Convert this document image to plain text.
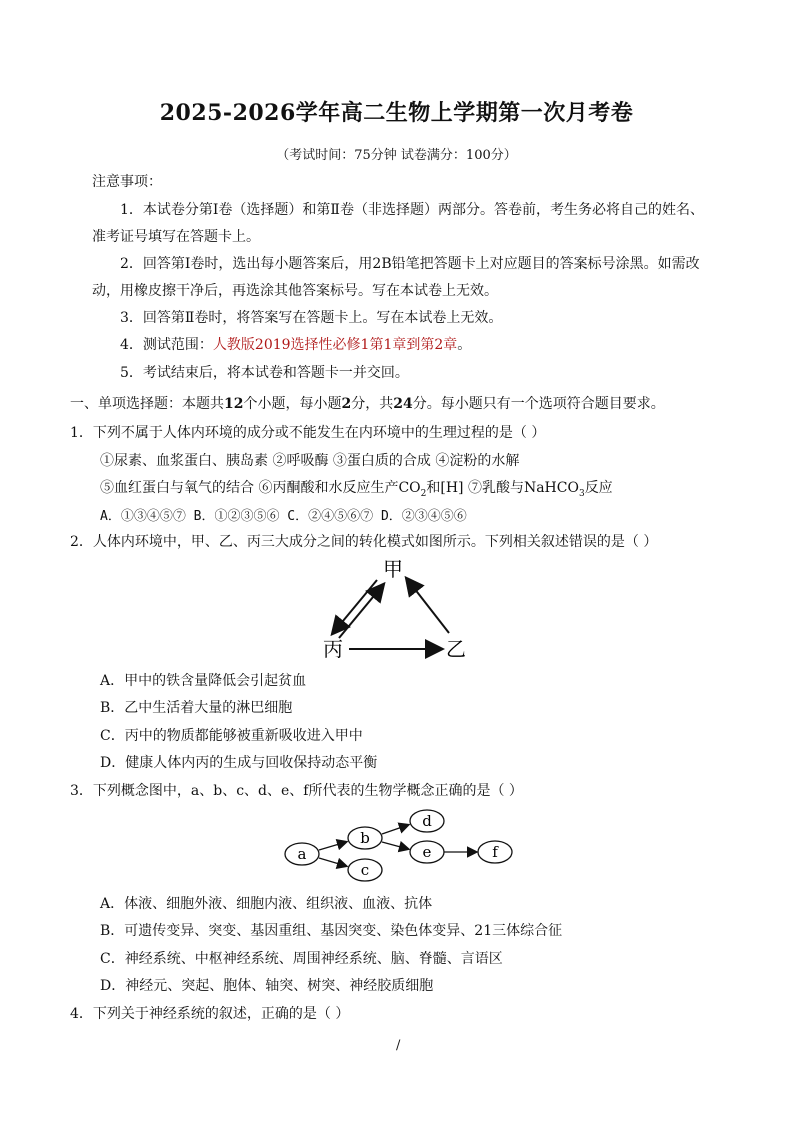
2025-2026学年高二生物上学期第一次月考卷
（考试时间：75分钟 试卷满分：100分）
注意事项：
1．本试卷分第Ⅰ卷（选择题）和第Ⅱ卷（非选择题）两部分。答卷前，考生务必将自己的姓名、
准考证号填写在答题卡上。
2．回答第Ⅰ卷时，选出每小题答案后，用2B铅笔把答题卡上对应题目的答案标号涂黑。如需改
动，用橡皮擦干净后，再选涂其他答案标号。写在本试卷上无效。
3．回答第Ⅱ卷时，将答案写在答题卡上。写在本试卷上无效。
4．测试范围：人教版2019选择性必修1第1章到第2章。
5．考试结束后，将本试卷和答题卡一并交回。
一、单项选择题：本题共12个小题，每小题2分，共24分。每小题只有一个选项符合题目要求。
1．下列不属于人体内环境的成分或不能发生在内环境中的生理过程的是（ ）
①尿素、血浆蛋白、胰岛素 ②呼吸酶 ③蛋白质的合成 ④淀粉的水解
⑤血红蛋白与氧气的结合 ⑥丙酮酸和水反应生产$CO_2$和[H] ⑦乳酸与NaHCO$_3$反应
A．①③④⑤⑦ B．①②③⑤⑥ C．②④⑤⑥⑦ D．②③④⑤⑥
2．人体内环境中，甲、乙、丙三大成分之间的转化模式如图所示。下列相关叙述错误的是（ ）
甲
丙	乙
A．甲中的铁含量降低会引起贫血
B．乙中生活着大量的淋巴细胞
C．丙中的物质都能够被重新吸收进入甲中
D．健康人体内丙的生成与回收保持动态平衡
3．下列概念图中，a、b、c、d、e、f所代表的生物学概念正确的是（ ）
a
b
c
d
e	f
A．体液、细胞外液、细胞内液、组织液、血液、抗体
B．可遗传变异、突变、基因重组、基因突变、染色体变异、21三体综合征
C．神经系统、中枢神经系统、周围神经系统、脑、脊髓、言语区
D．神经元、突起、胞体、轴突、树突、神经胶质细胞
4．下列关于神经系统的叙述，正确的是（ ）
/
